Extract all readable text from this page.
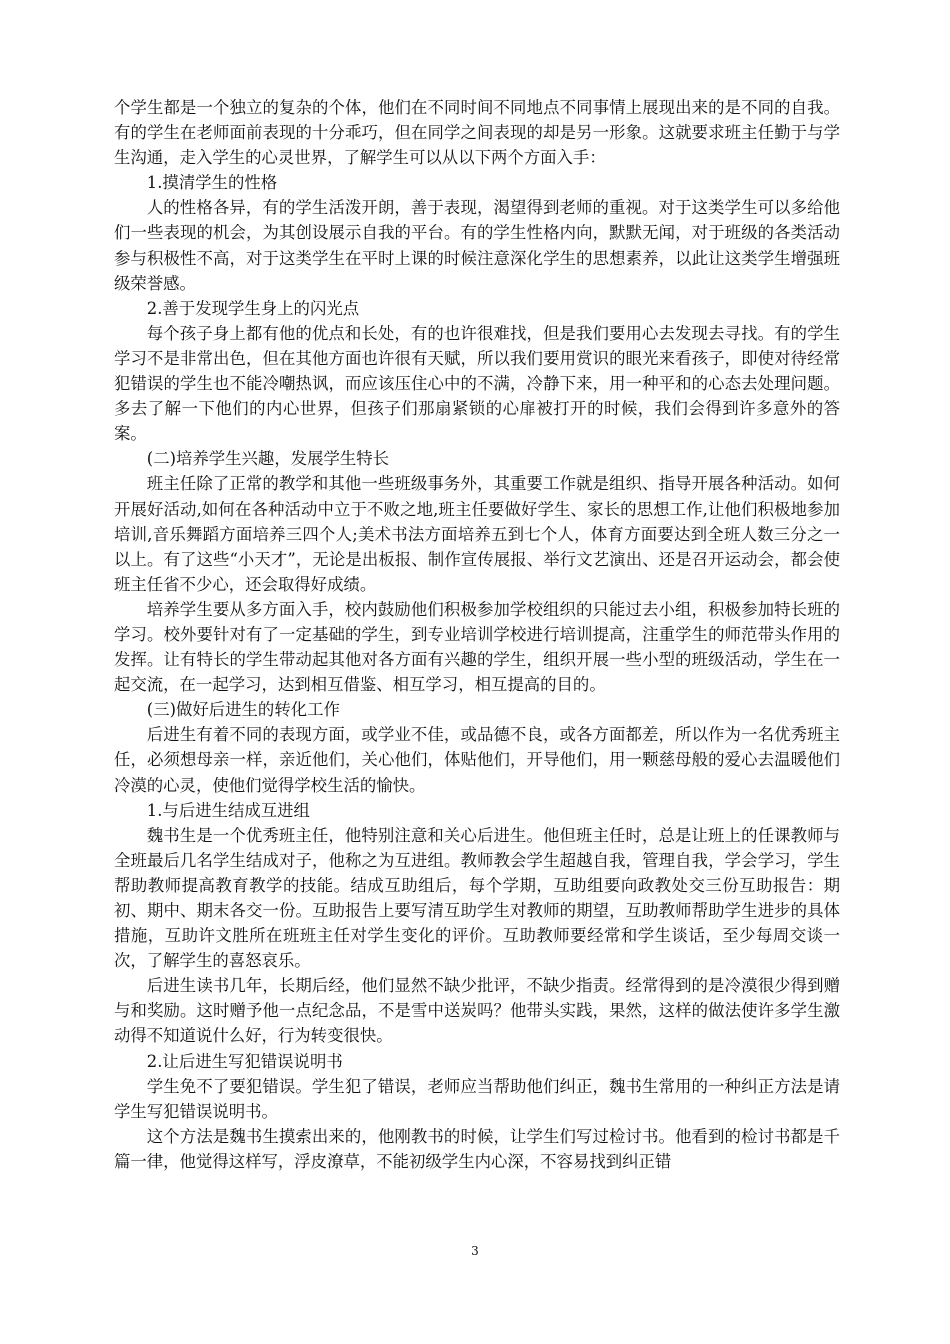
个学生都是一个独立的复杂的个体，他们在不同时间不同地点不同事情上展现出来的是不同的自我。有的学生在老师面前表现的十分乖巧，但在同学之间表现的却是另一形象。这就要求班主任勤于与学生沟通，走入学生的心灵世界，了解学生可以从以下两个方面入手：

1.摸清学生的性格

人的性格各异，有的学生活泼开朗，善于表现，渴望得到老师的重视。对于这类学生可以多给他们一些表现的机会，为其创设展示自我的平台。有的学生性格内向，默默无闻，对于班级的各类活动参与积极性不高，对于这类学生在平时上课的时候注意深化学生的思想素养，以此让这类学生增强班级荣誉感。

2.善于发现学生身上的闪光点

每个孩子身上都有他的优点和长处，有的也许很难找，但是我们要用心去发现去寻找。有的学生学习不是非常出色，但在其他方面也许很有天赋，所以我们要用赏识的眼光来看孩子，即使对待经常犯错误的学生也不能冷嘲热讽，而应该压住心中的不满，冷静下来，用一种平和的心态去处理问题。多去了解一下他们的内心世界，但孩子们那扇紧锁的心扉被打开的时候，我们会得到许多意外的答案。

(二)培养学生兴趣，发展学生特长

班主任除了正常的教学和其他一些班级事务外，其重要工作就是组织、指导开展各种活动。如何开展好活动,如何在各种活动中立于不败之地,班主任要做好学生、家长的思想工作,让他们积极地参加培训,音乐舞蹈方面培养三四个人;美术书法方面培养五到七个人，体育方面要达到全班人数三分之一以上。有了这些“小天才”，无论是出板报、制作宣传展报、举行文艺演出、还是召开运动会，都会使班主任省不少心，还会取得好成绩。

培养学生要从多方面入手，校内鼓励他们积极参加学校组织的只能过去小组，积极参加特长班的学习。校外要针对有了一定基础的学生，到专业培训学校进行培训提高，注重学生的师范带头作用的发挥。让有特长的学生带动起其他对各方面有兴趣的学生，组织开展一些小型的班级活动，学生在一起交流，在一起学习，达到相互借鉴、相互学习，相互提高的目的。

(三)做好后进生的转化工作

后进生有着不同的表现方面，或学业不佳，或品德不良，或各方面都差，所以作为一名优秀班主任，必须想母亲一样，亲近他们，关心他们，体贴他们，开导他们，用一颗慈母般的爱心去温暖他们冷漠的心灵，使他们觉得学校生活的愉快。

1.与后进生结成互进组

魏书生是一个优秀班主任，他特别注意和关心后进生。他但班主任时，总是让班上的任课教师与全班最后几名学生结成对子，他称之为互进组。教师教会学生超越自我，管理自我，学会学习，学生帮助教师提高教育教学的技能。结成互助组后，每个学期，互助组要向政教处交三份互助报告：期初、期中、期末各交一份。互助报告上要写清互助学生对教师的期望，互助教师帮助学生进步的具体措施，互助许文胜所在班班主任对学生变化的评价。互助教师要经常和学生谈话，至少每周交谈一次，了解学生的喜怒哀乐。

后进生读书几年，长期后经，他们显然不缺少批评，不缺少指责。经常得到的是冷漠很少得到赠与和奖励。这时赠予他一点纪念品，不是雪中送炭吗？他带头实践，果然，这样的做法使许多学生激动得不知道说什么好，行为转变很快。

2.让后进生写犯错误说明书

学生免不了要犯错误。学生犯了错误，老师应当帮助他们纠正，魏书生常用的一种纠正方法是请学生写犯错误说明书。

这个方法是魏书生摸索出来的，他刚教书的时候，让学生们写过检讨书。他看到的检讨书都是千篇一律，他觉得这样写，浮皮潦草，不能初级学生内心深，不容易找到纠正错

3
